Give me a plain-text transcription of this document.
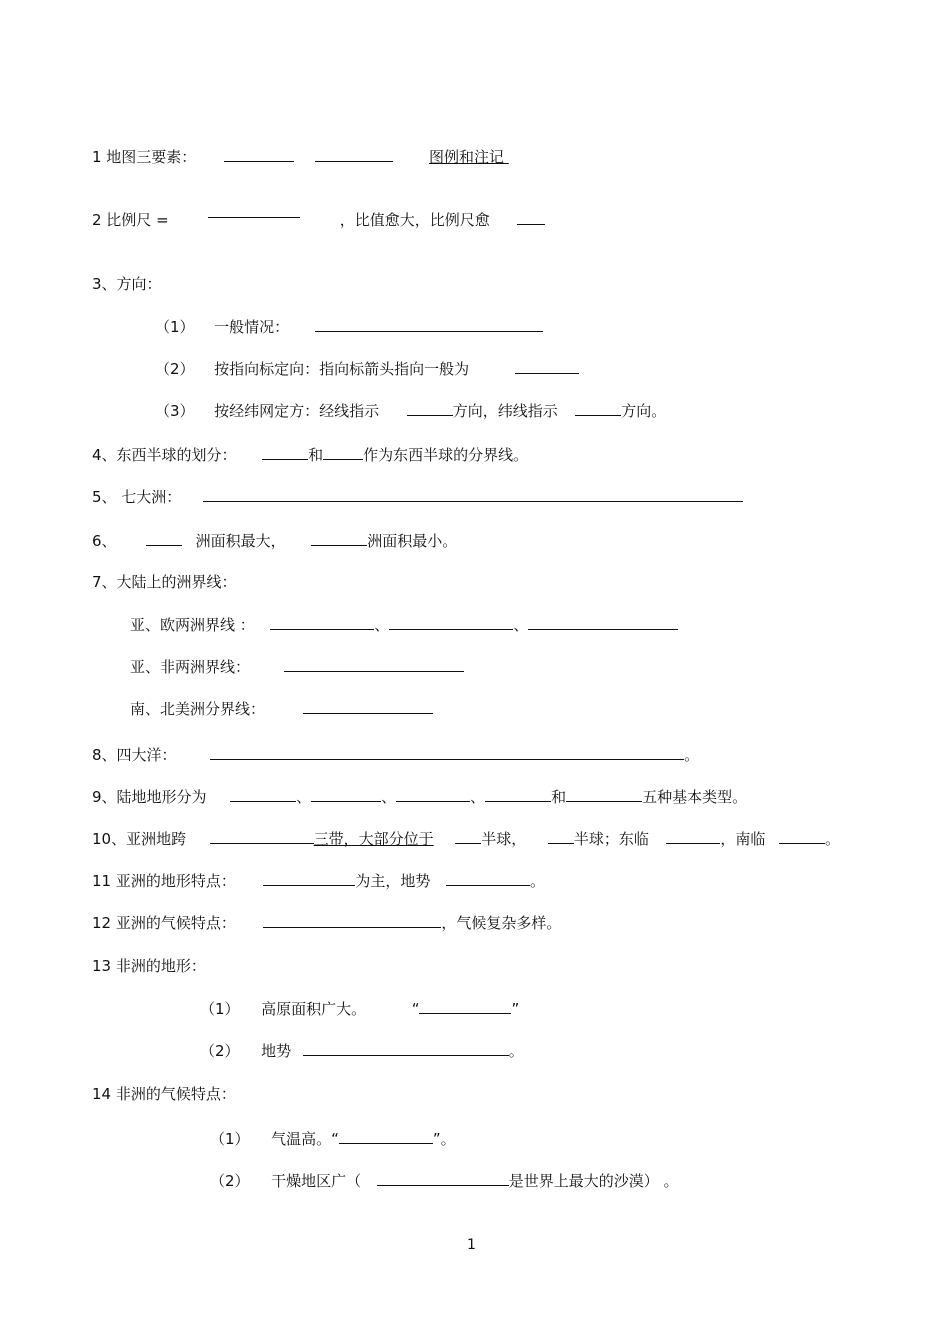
1 地图三要素：	图例和注记
2 比例尺 =	，比值愈大，比例尺愈
3、方向：
（1） 一般情况：
（2） 按指向标定向：指向标箭头指向一般为
（3） 按经纬网定方：经线指示	方向，纬线指示	方向。
4、东西半球的划分：	和	作为东西半球的分界线。
5、 七大洲：
6、	洲面积最大，	洲面积最小。
7、大陆上的洲界线：
亚、欧两洲界线 ：	、	、
亚、非两洲界线：
南、北美洲分界线：
8、四大洋：	。
9、陆地地形分为	、	、	、	和	五种基本类型。
10、亚洲地跨	三带，大部分位于	半球，	半球；东临	，南临	。
11 亚洲的地形特点：	为主，地势	。
12 亚洲的气候特点：	，气候复杂多样。
13 非洲的地形：
（1） 高原面积广大。	“	”
（2） 地势	。
14 非洲的气候特点：
（1） 气温高。“	”。
（2） 干燥地区广（	是世界上最大的沙漠） 。
1
